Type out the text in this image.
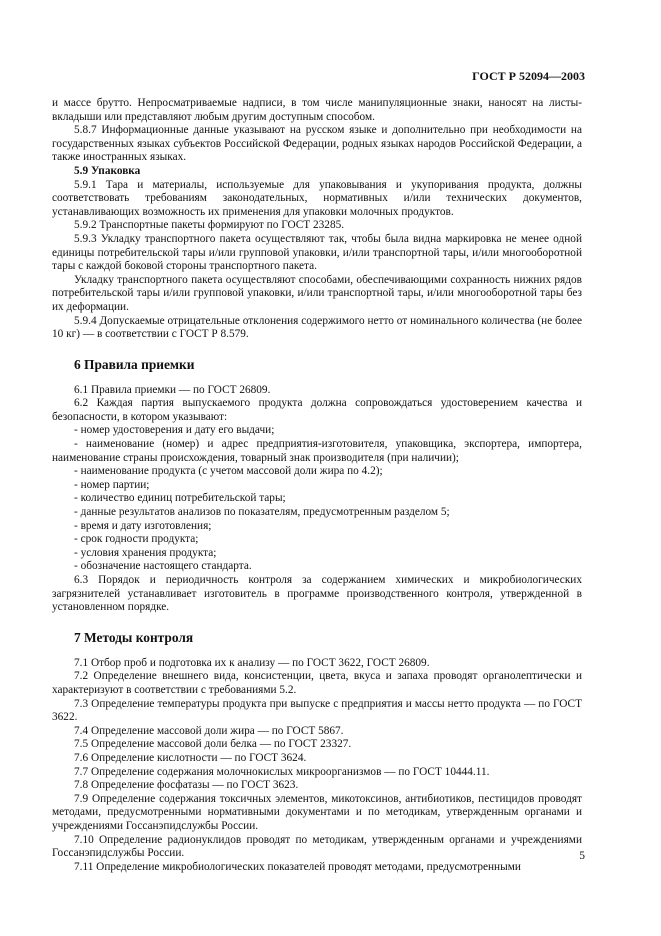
ГОСТ Р 52094—2003

и массе брутто. Непросматриваемые надписи, в том числе манипуляционные знаки, наносят на листы-вкладыши или представляют любым другим доступным способом.

5.8.7 Информационные данные указывают на русском языке и дополнительно при необходимости на государственных языках субъектов Российской Федерации, родных языках народов Российской Федерации, а также иностранных языках.

5.9 Упаковка

5.9.1 Тара и материалы, используемые для упаковывания и укупоривания продукта, должны соответствовать требованиям законодательных, нормативных и/или технических документов, устанавливающих возможность их применения для упаковки молочных продуктов.

5.9.2 Транспортные пакеты формируют по ГОСТ 23285.

5.9.3 Укладку транспортного пакета осуществляют так, чтобы была видна маркировка не менее одной единицы потребительской тары и/или групповой упаковки, и/или транспортной тары, и/или многооборотной тары с каждой боковой стороны транспортного пакета.

Укладку транспортного пакета осуществляют способами, обеспечивающими сохранность нижних рядов потребительской тары и/или групповой упаковки, и/или транспортной тары, и/или многооборотной тары без их деформации.

5.9.4 Допускаемые отрицательные отклонения содержимого нетто от номинального количества (не более 10 кг) — в соответствии с ГОСТ Р 8.579.

6 Правила приемки

6.1 Правила приемки — по ГОСТ 26809.

6.2 Каждая партия выпускаемого продукта должна сопровождаться удостоверением качества и безопасности, в котором указывают:

- номер удостоверения и дату его выдачи;

- наименование (номер) и адрес предприятия-изготовителя, упаковщика, экспортера, импортера, наименование страны происхождения, товарный знак производителя (при наличии);

- наименование продукта (с учетом массовой доли жира по 4.2);

- номер партии;

- количество единиц потребительской тары;

- данные результатов анализов по показателям, предусмотренным разделом 5;

- время и дату изготовления;

- срок годности продукта;

- условия хранения продукта;

- обозначение настоящего стандарта.

6.3 Порядок и периодичность контроля за содержанием химических и микробиологических загрязнителей устанавливает изготовитель в программе производственного контроля, утвержденной в установленном порядке.

7 Методы контроля

7.1 Отбор проб и подготовка их к анализу — по ГОСТ 3622, ГОСТ 26809.

7.2 Определение внешнего вида, консистенции, цвета, вкуса и запаха проводят органолептически и характеризуют в соответствии с требованиями 5.2.

7.3 Определение температуры продукта при выпуске с предприятия и массы нетто продукта — по ГОСТ 3622.

7.4 Определение массовой доли жира — по ГОСТ 5867.

7.5 Определение массовой доли белка — по ГОСТ 23327.

7.6 Определение кислотности — по ГОСТ 3624.

7.7 Определение содержания молочнокислых микроорганизмов — по ГОСТ 10444.11.

7.8 Определение фосфатазы — по ГОСТ 3623.

7.9 Определение содержания токсичных элементов, микотоксинов, антибиотиков, пестицидов проводят методами, предусмотренными нормативными документами и по методикам, утвержденным органами и учреждениями Госсанэпидслужбы России.

7.10 Определение радионуклидов проводят по методикам, утвержденным органами и учреждениями Госсанэпидслужбы России.

7.11 Определение микробиологических показателей проводят методами, предусмотренными

5
